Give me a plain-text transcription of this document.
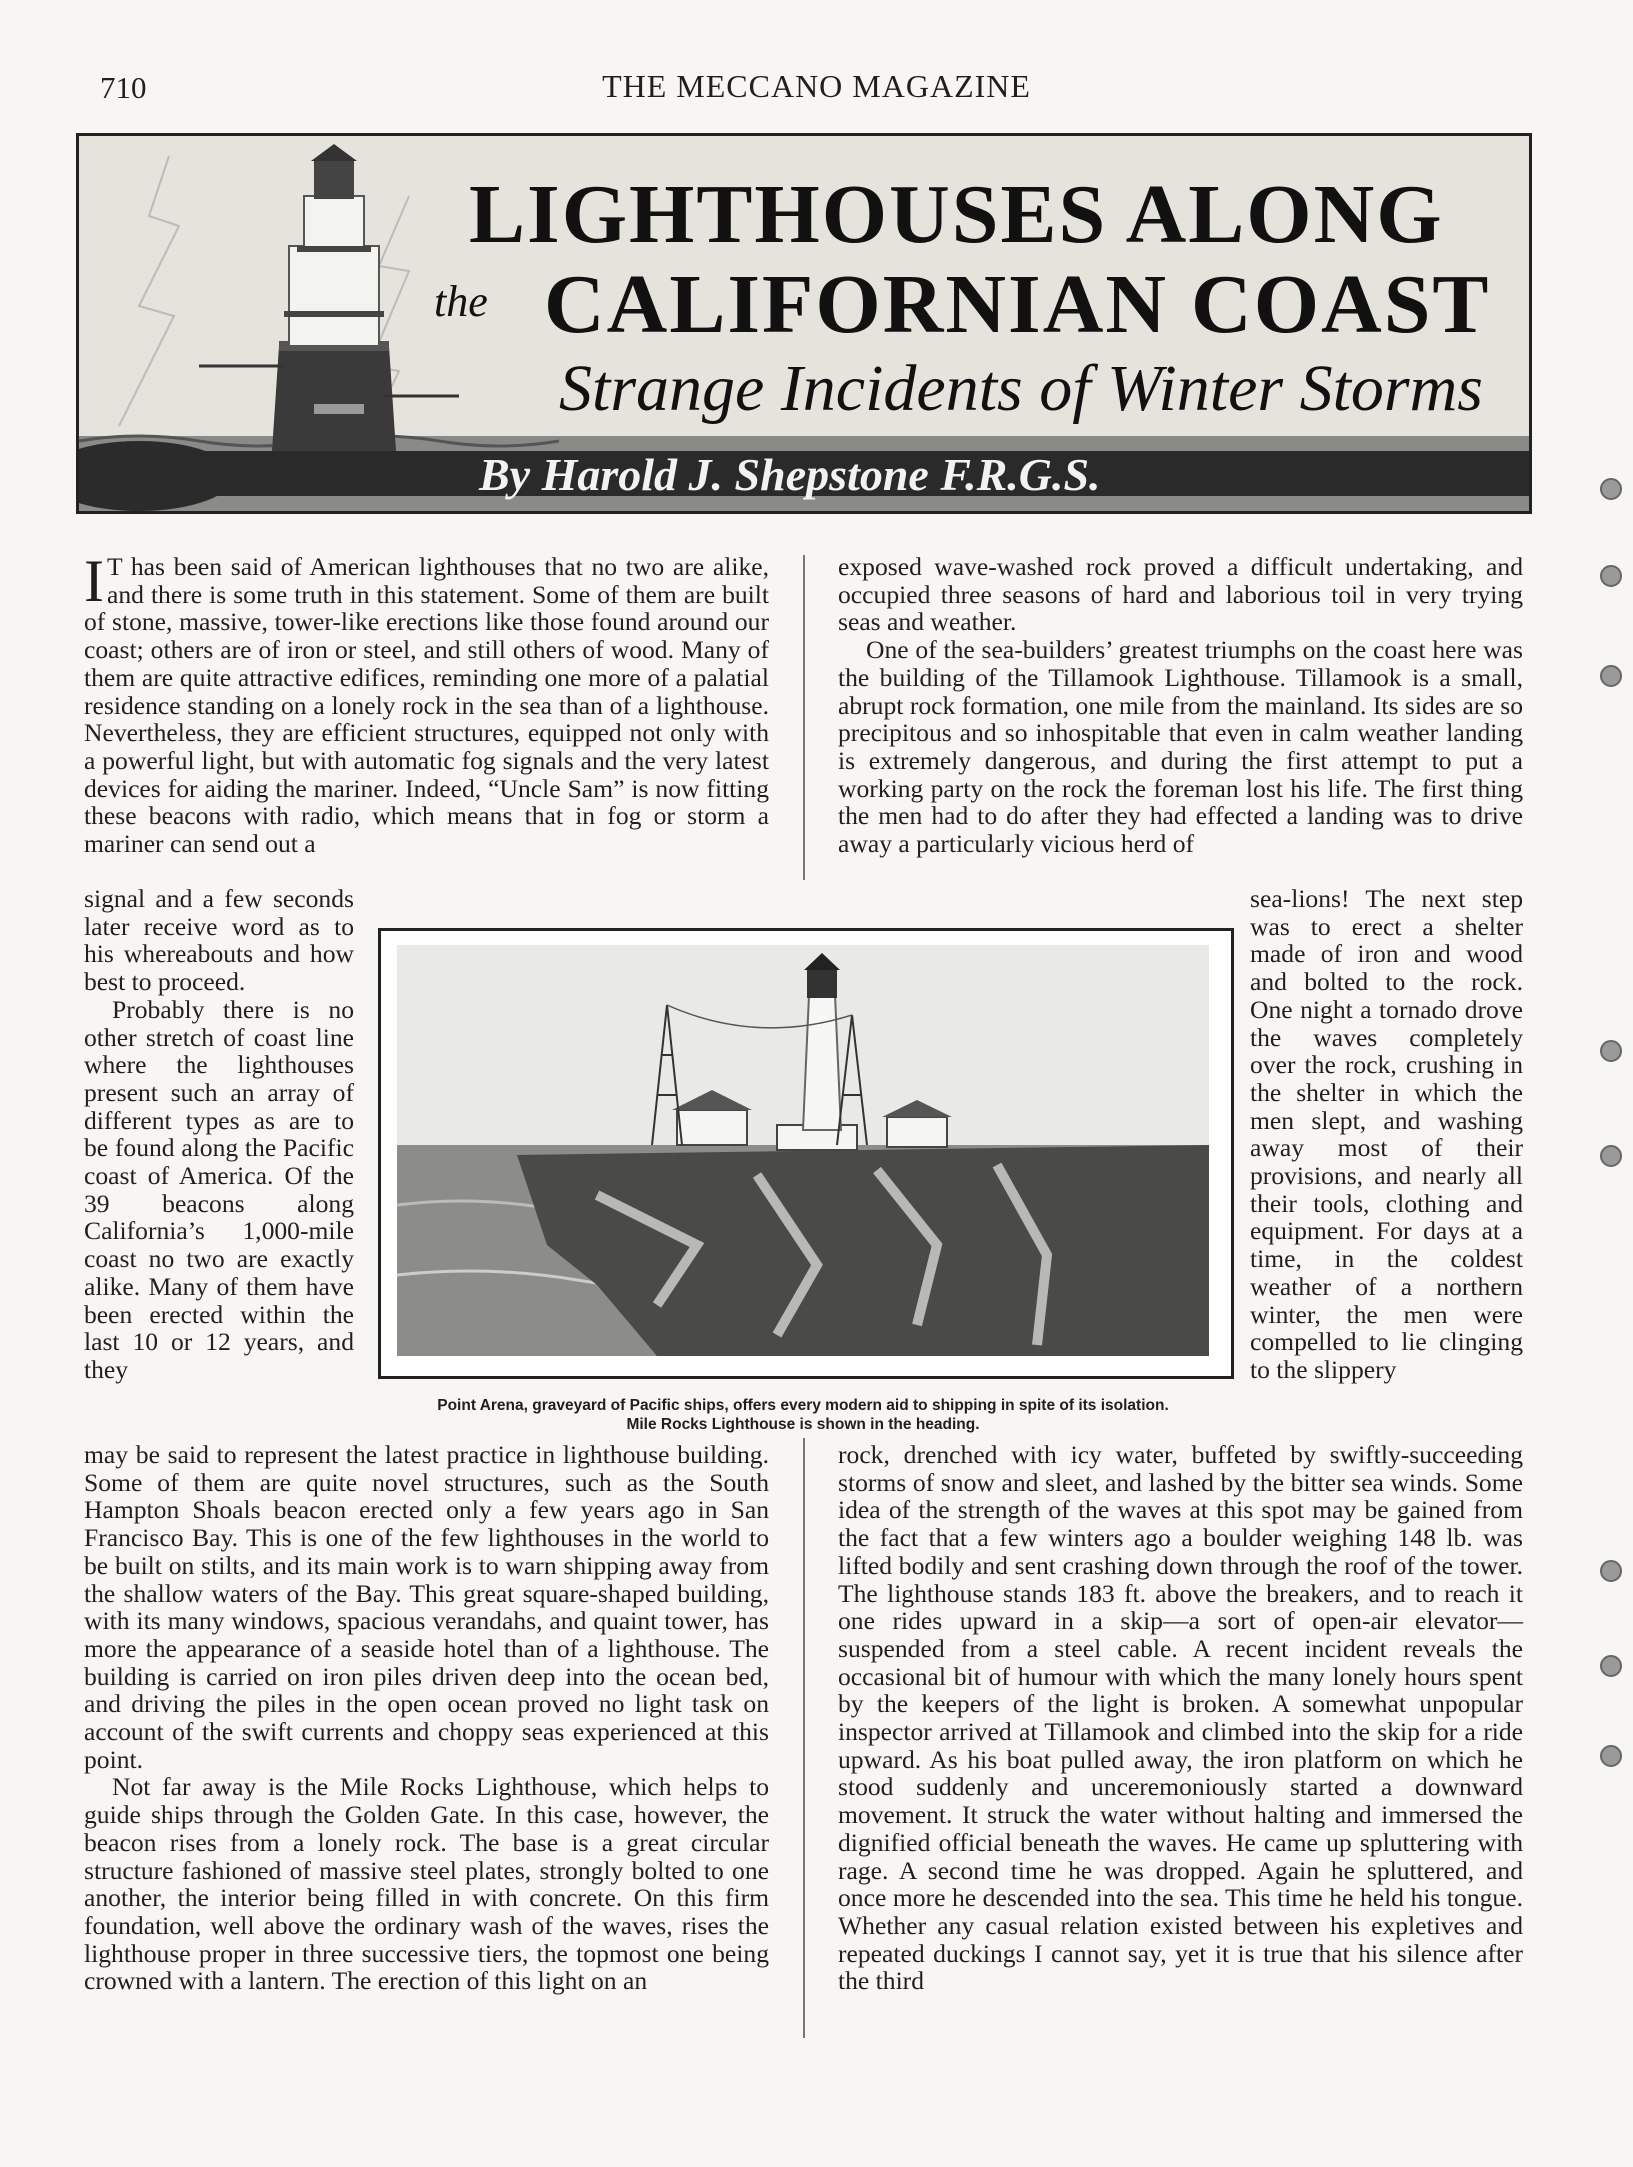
710	THE MECCANO MAGAZINE
LIGHTHOUSES ALONG
the CALIFORNIAN COAST
Strange Incidents of Winter Storms
By Harold J. Shepstone F.R.G.S.

I T has been said of American lighthouses that no two are alike, and there is some truth in this statement. Some of them are built of stone, massive, tower-like erections like those found around our coast; others are of iron or steel, and still others of wood. Many of them are quite attractive edifices, reminding one more of a palatial residence standing on a lonely rock in the sea than of a lighthouse. Nevertheless, they are efficient structures, equipped not only with a powerful light, but with automatic fog signals and the very latest devices for aiding the mariner. Indeed, “Uncle Sam” is now fitting these beacons with radio, which means that in fog or storm a mariner can send out a

signal and a few seconds later receive word as to his whereabouts and how best to proceed.

Probably there is no other stretch of coast line where the lighthouses present such an array of different types as are to be found along the Pacific coast of America. Of the 39 beacons along California’s 1,000-mile coast no two are exactly alike. Many of them have been erected within the last 10 or 12 years, and they

may be said to represent the latest practice in lighthouse building. Some of them are quite novel structures, such as the South Hampton Shoals beacon erected only a few years ago in San Francisco Bay. This is one of the few lighthouses in the world to be built on stilts, and its main work is to warn shipping away from the shallow waters of the Bay. This great square-shaped building, with its many windows, spacious verandahs, and quaint tower, has more the appearance of a seaside hotel than of a lighthouse. The building is carried on iron piles driven deep into the ocean bed, and driving the piles in the open ocean proved no light task on account of the swift currents and choppy seas experienced at this point.

Not far away is the Mile Rocks Lighthouse, which helps to guide ships through the Golden Gate. In this case, however, the beacon rises from a lonely rock. The base is a great circular structure fashioned of massive steel plates, strongly bolted to one another, the interior being filled in with concrete. On this firm foundation, well above the ordinary wash of the waves, rises the lighthouse proper in three successive tiers, the topmost one being crowned with a lantern. The erection of this light on an

exposed wave-washed rock proved a difficult undertaking, and occupied three seasons of hard and laborious toil in very trying seas and weather.

One of the sea-builders’ greatest triumphs on the coast here was the building of the Tillamook Lighthouse. Tillamook is a small, abrupt rock formation, one mile from the mainland. Its sides are so precipitous and so inhospitable that even in calm weather landing is extremely dangerous, and during the first attempt to put a working party on the rock the foreman lost his life. The first thing the men had to do after they had effected a landing was to drive away a particularly vicious herd of

sea-lions! The next step was to erect a shelter made of iron and wood and bolted to the rock. One night a tornado drove the waves completely over the rock, crushing in the shelter in which the men slept, and washing away most of their provisions, and nearly all their tools, clothing and equipment. For days at a time, in the coldest weather of a northern winter, the men were compelled to lie clinging to the slippery

rock, drenched with icy water, buffeted by swiftly-succeeding storms of snow and sleet, and lashed by the bitter sea winds. Some idea of the strength of the waves at this spot may be gained from the fact that a few winters ago a boulder weighing 148 lb. was lifted bodily and sent crashing down through the roof of the tower. The lighthouse stands 183 ft. above the breakers, and to reach it one rides upward in a skip—a sort of open-air elevator—suspended from a steel cable. A recent incident reveals the occasional bit of humour with which the many lonely hours spent by the keepers of the light is broken. A somewhat unpopular inspector arrived at Tillamook and climbed into the skip for a ride upward. As his boat pulled away, the iron platform on which he stood suddenly and unceremoniously started a downward movement. It struck the water without halting and immersed the dignified official beneath the waves. He came up spluttering with rage. A second time he was dropped. Again he spluttered, and once more he descended into the sea. This time he held his tongue. Whether any casual relation existed between his expletives and repeated duckings I cannot say, yet it is true that his silence after the third

Point Arena, graveyard of Pacific ships, offers every modern aid to shipping in spite of its isolation.
Mile Rocks Lighthouse is shown in the heading.
